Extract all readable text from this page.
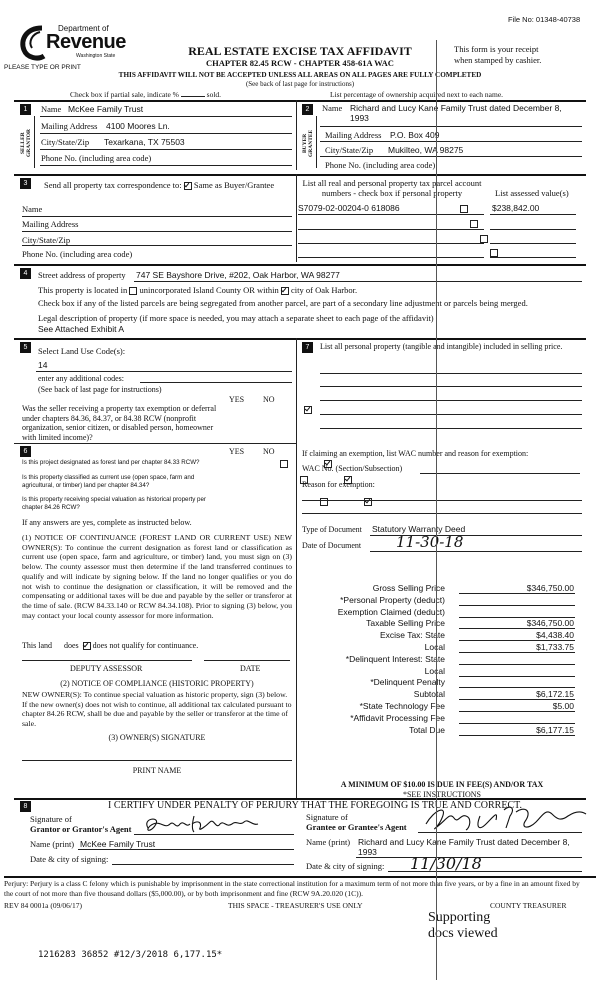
File No: 01348-40738
Department of
Revenue
Washington State
PLEASE TYPE OR PRINT
REAL ESTATE EXCISE TAX AFFIDAVIT
CHAPTER 82.45 RCW - CHAPTER 458-61A WAC
This form is your receipt
when stamped by cashier.
THIS AFFIDAVIT WILL NOT BE ACCEPTED UNLESS ALL AREAS ON ALL PAGES ARE FULLY COMPLETED
(See back of last page for instructions)
Check box if partial sale, indicate %	sold.	List percentage of ownership acquired next to each name.
1
SELLER GRANTOR
Name McKee Family Trust
Mailing Address 4100 Moores Ln.
City/State/Zip Texarkana, TX 75503
Phone No. (including area code)
2
BUYER GRANTEE
Name Richard and Lucy Kane Family Trust dated December 8, 1993
Mailing Address P.O. Box 409
City/State/Zip Mukilteo, WA 98275
Phone No. (including area code)
3	Send all property tax correspondence to: Same as Buyer/Grantee	List all real and personal property tax parcel account
numbers - check box if personal property	List assessed value(s)
Name
Mailing Address
City/State/Zip
Phone No. (including area code)
S7079-02-00204-0 618086	$238,842.00

4	Street address of property 747 SE Bayshore Drive, #202, Oak Harbor, WA 98277
This property is located in unincorporated Island County OR within city of Oak Harbor.
Check box if any of the listed parcels are being segregated from another parcel, are part of a secondary line adjustment or parcels being merged.
Legal description of property (if more space is needed, you may attach a separate sheet to each page of the affidavit)
See Attached Exhibit A
5	Select Land Use Code(s):
14
enter any additional codes:
(See back of last page for instructions)
YES NO
Was the seller receiving a property tax exemption or deferral under chapters 84.36, 84.37, or 84.38 RCW (nonprofit organization, senior citizen, or disabled person, homeowner with limited income)?

6	YES NO
Is this project designated as forest land per chapter 84.33 RCW?

Is this property classified as current use (open space, farm and agricultural, or timber) land per chapter 84.34?

Is this property receiving special valuation as historical property per chapter 84.26 RCW?

If any answers are yes, complete as instructed below.
(1) NOTICE OF CONTINUANCE (FOREST LAND OR CURRENT USE) NEW OWNER(S): To continue the current designation as forest land or classification as current use (open space, farm and agriculture, or timber) land, you must sign on (3) below. The county assessor must then determine if the land transferred continues to qualify and will indicate by signing below. If the land no longer qualifies or you do not wish to continue the designation or classification, it will be removed and the compensating or additional taxes will be due and payable by the seller or transferor at the time of sale. (RCW 84.33.140 or RCW 84.34.108). Prior to signing (3) below, you may contact your local county assessor for more information.
This land does does not qualify for continuance.
DEPUTY ASSESSOR	DATE
(2) NOTICE OF COMPLIANCE (HISTORIC PROPERTY)
NEW OWNER(S): To continue special valuation as historic property, sign (3) below. If the new owner(s) does not wish to continue, all additional tax calculated pursuant to chapter 84.26 RCW, shall be due and payable by the seller or transferor at the time of sale.
(3) OWNER(S) SIGNATURE
PRINT NAME
7	List all personal property (tangible and intangible) included in selling price.
If claiming an exemption, list WAC number and reason for exemption:
WAC No. (Section/Subsection)
Reason for exemption:
Type of Document Statutory Warranty Deed
Date of Document 11-30-18
Gross Selling Price	$346,750.00
*Personal Property (deduct)
Exemption Claimed (deduct)
Taxable Selling Price	$346,750.00
Excise Tax: State	$4,438.40
Local	$1,733.75
*Delinquent Interest: State
Local
*Delinquent Penalty
Subtotal	$6,172.15
*State Technology Fee	$5.00
*Affidavit Processing Fee
Total Due	$6,177.15
A MINIMUM OF $10.00 IS DUE IN FEE(S) AND/OR TAX
*SEE INSTRUCTIONS
8	I CERTIFY UNDER PENALTY OF PERJURY THAT THE FOREGOING IS TRUE AND CORRECT.
Signature of
Grantor or Grantor's Agent
Name (print) McKee Family Trust
Date & city of signing:
Signature of
Grantee or Grantee's Agent
Name (print) Richard and Lucy Kane Family Trust dated December 8, 1993
Date & city of signing: 11/30/18
Perjury: Perjury is a class C felony which is punishable by imprisonment in the state correctional institution for a maximum term of not more than five years, or by a fine in an amount fixed by the court of not more than five thousand dollars ($5,000.00), or by both imprisonment and fine (RCW 9A.20.020 (1C)).
REV 84 0001a (09/06/17)	THIS SPACE - TREASURER'S USE ONLY	COUNTY TREASURER
Supporting
docs viewed
1216283 36852 #12/3/2018 6,177.15*
